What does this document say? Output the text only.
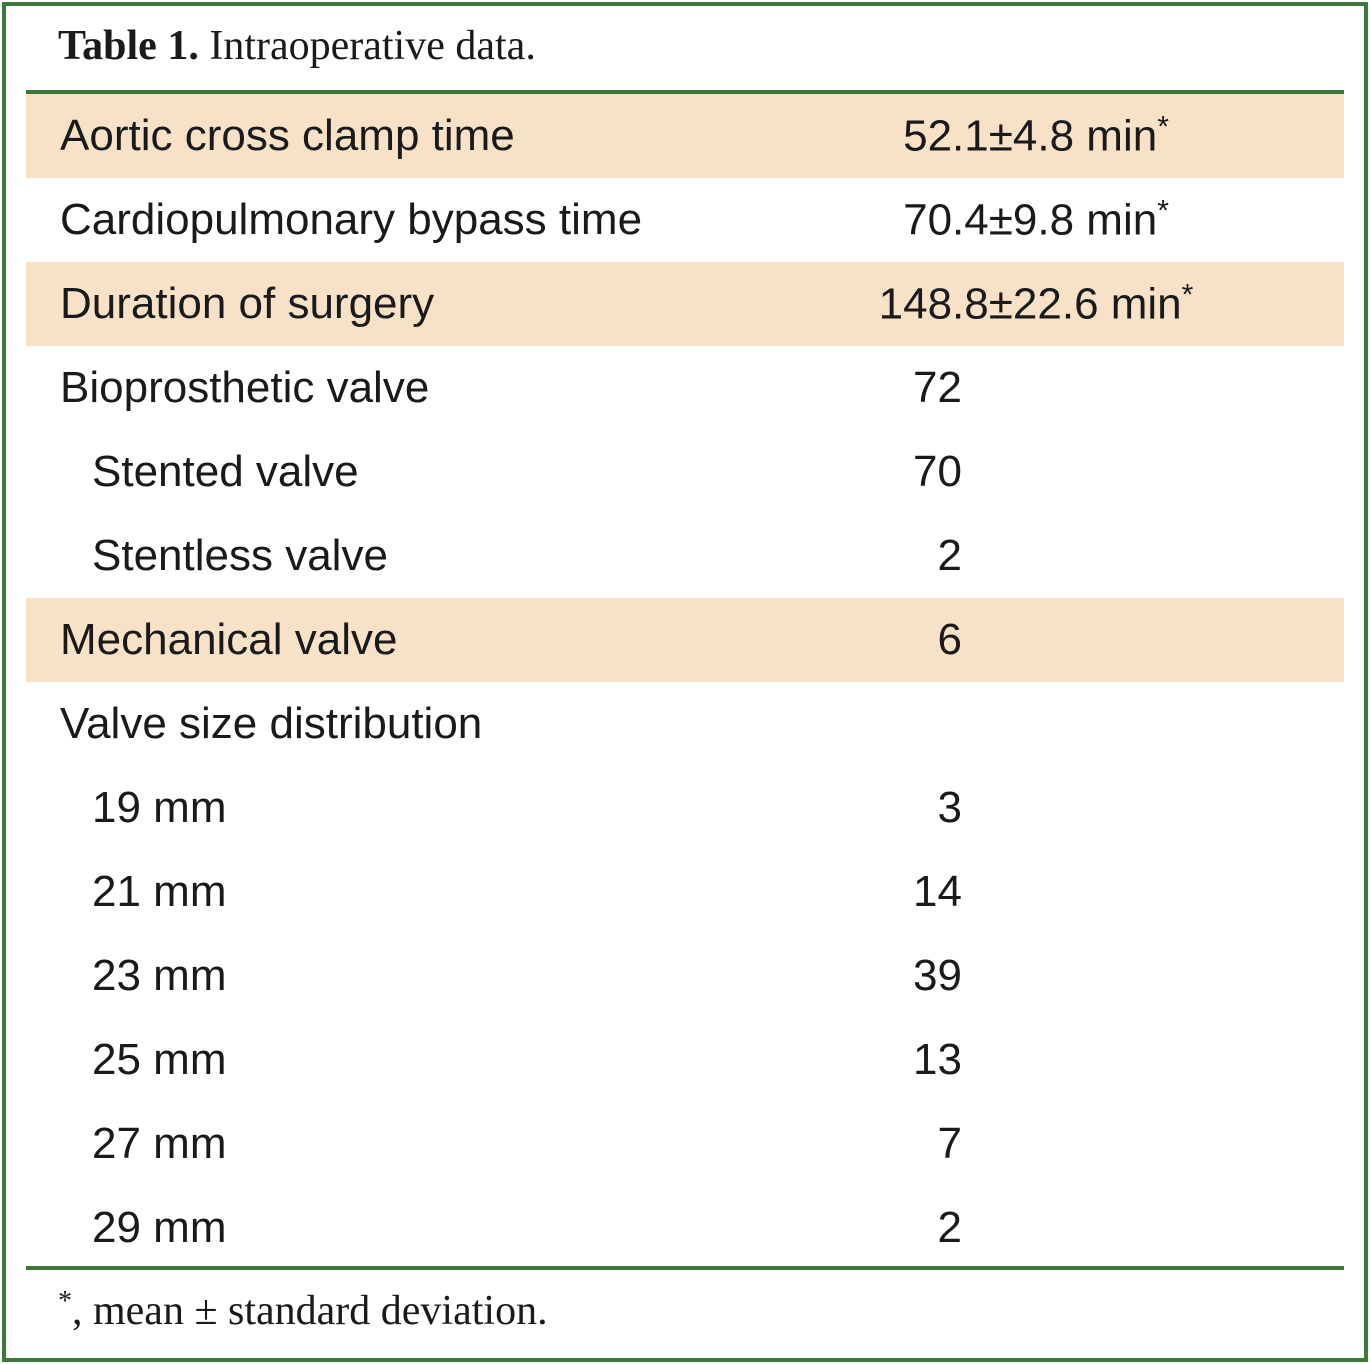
Table 1. Intraoperative data.
Aortic cross clamp time	52.1±4.8 min*
Cardiopulmonary bypass time	70.4±9.8 min*
Duration of surgery	148.8±22.6 min*
Bioprosthetic valve	72
Stented valve	70
Stentless valve	2
Mechanical valve	6
Valve size distribution
19 mm	3
21 mm	14
23 mm	39
25 mm	13
27 mm	7
29 mm	2
*, mean ± standard deviation.
